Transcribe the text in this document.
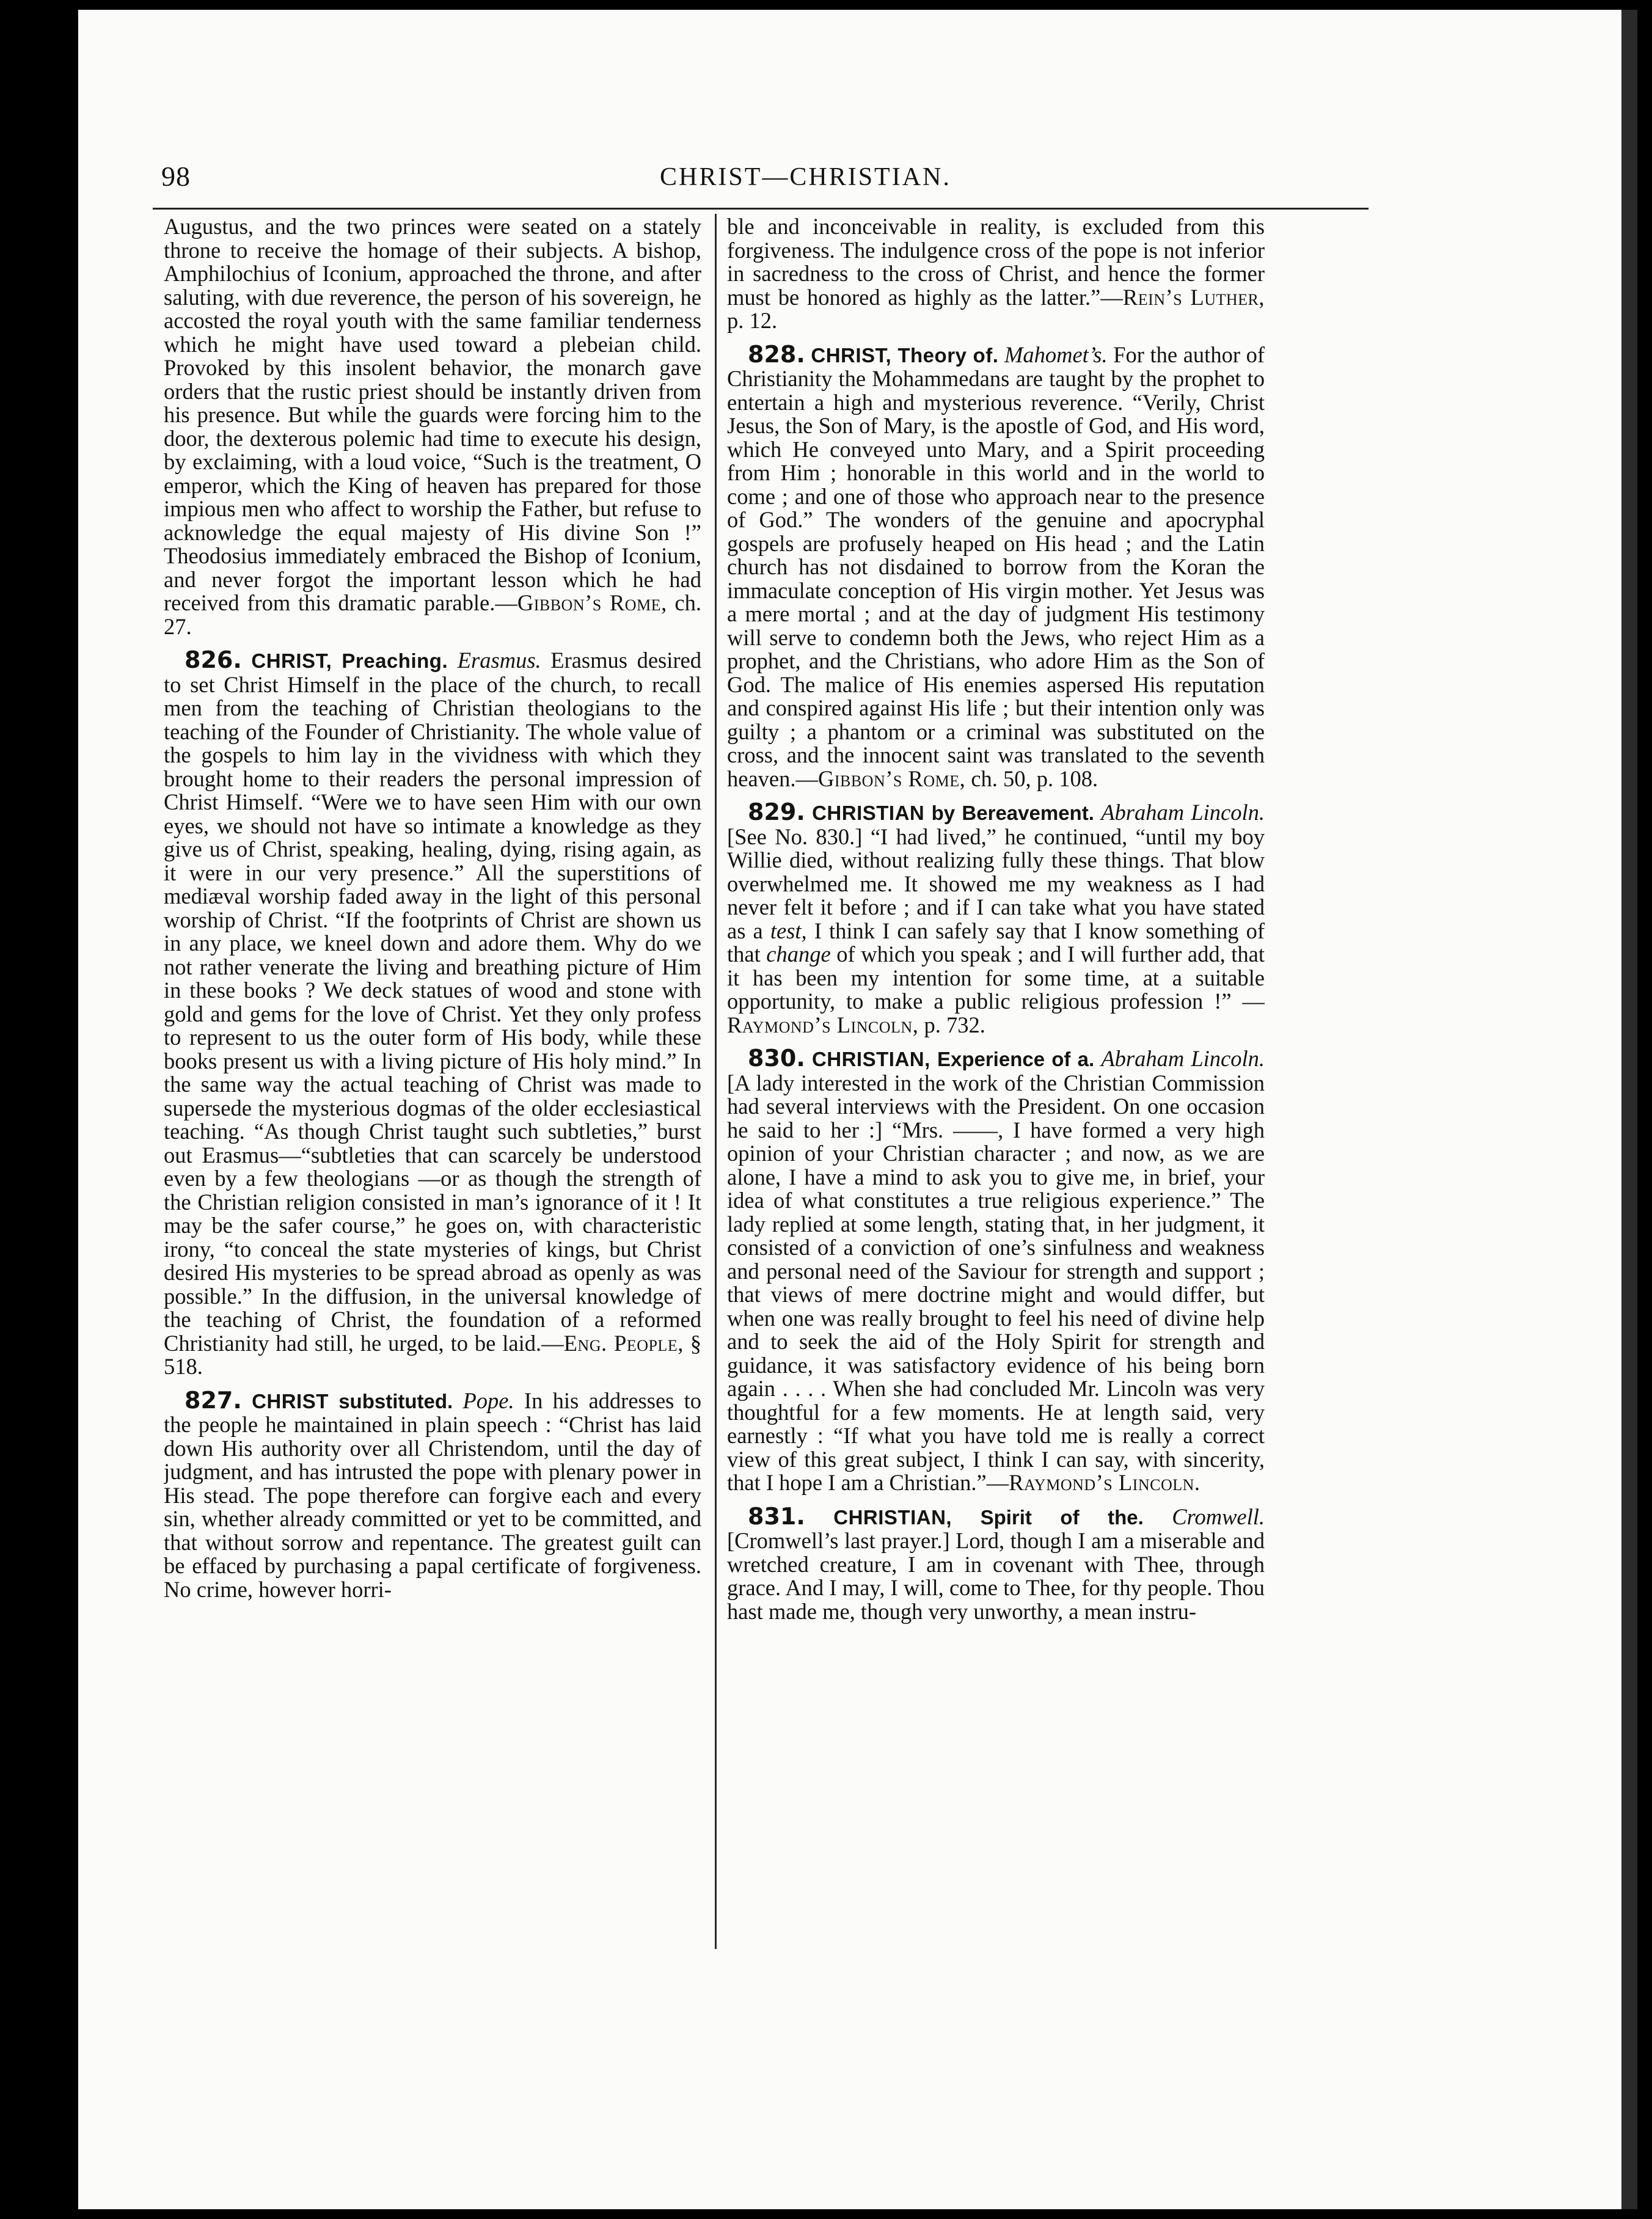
98	CHRIST—CHRISTIAN.

Augustus, and the two princes were seated on a stately throne to receive the homage of their subjects. A bishop, Amphilochius of Iconium, approached the throne, and after saluting, with due reverence, the person of his sovereign, he accosted the royal youth with the same familiar tenderness which he might have used toward a plebeian child. Provoked by this insolent behavior, the monarch gave orders that the rustic priest should be instantly driven from his presence. But while the guards were forcing him to the door, the dexterous polemic had time to execute his design, by exclaiming, with a loud voice, “Such is the treatment, O emperor, which the King of heaven has prepared for those impious men who affect to worship the Father, but refuse to acknowledge the equal majesty of His divine Son !” Theodosius immediately embraced the Bishop of Iconium, and never forgot the important lesson which he had received from this dramatic parable.—Gibbon’s Rome, ch. 27.

826. CHRIST, Preaching. Erasmus. Erasmus desired to set Christ Himself in the place of the church, to recall men from the teaching of Christian theologians to the teaching of the Founder of Christianity. The whole value of the gospels to him lay in the vividness with which they brought home to their readers the personal impression of Christ Himself. “Were we to have seen Him with our own eyes, we should not have so intimate a knowledge as they give us of Christ, speaking, healing, dying, rising again, as it were in our very presence.” All the superstitions of mediæval worship faded away in the light of this personal worship of Christ. “If the footprints of Christ are shown us in any place, we kneel down and adore them. Why do we not rather venerate the living and breathing picture of Him in these books ? We deck statues of wood and stone with gold and gems for the love of Christ. Yet they only profess to represent to us the outer form of His body, while these books present us with a living picture of His holy mind.” In the same way the actual teaching of Christ was made to supersede the mysterious dogmas of the older ecclesiastical teaching. “As though Christ taught such subtleties,” burst out Erasmus—“subtleties that can scarcely be understood even by a few theologians —or as though the strength of the Christian religion consisted in man’s ignorance of it ! It may be the safer course,” he goes on, with characteristic irony, “to conceal the state mysteries of kings, but Christ desired His mysteries to be spread abroad as openly as was possible.” In the diffusion, in the universal knowledge of the teaching of Christ, the foundation of a reformed Christianity had still, he urged, to be laid.—Eng. People, § 518.

827. CHRIST substituted. Pope. In his addresses to the people he maintained in plain speech : “Christ has laid down His authority over all Christendom, until the day of judgment, and has intrusted the pope with plenary power in His stead. The pope therefore can forgive each and every sin, whether already committed or yet to be committed, and that without sorrow and repentance. The greatest guilt can be effaced by purchasing a papal certificate of forgiveness. No crime, however horri-

ble and inconceivable in reality, is excluded from this forgiveness. The indulgence cross of the pope is not inferior in sacredness to the cross of Christ, and hence the former must be honored as highly as the latter.”—Rein’s Luther, p. 12.

828. CHRIST, Theory of. Mahomet’s. For the author of Christianity the Mohammedans are taught by the prophet to entertain a high and mysterious reverence. “Verily, Christ Jesus, the Son of Mary, is the apostle of God, and His word, which He conveyed unto Mary, and a Spirit proceeding from Him ; honorable in this world and in the world to come ; and one of those who approach near to the presence of God.” The wonders of the genuine and apocryphal gospels are profusely heaped on His head ; and the Latin church has not disdained to borrow from the Koran the immaculate conception of His virgin mother. Yet Jesus was a mere mortal ; and at the day of judgment His testimony will serve to condemn both the Jews, who reject Him as a prophet, and the Christians, who adore Him as the Son of God. The malice of His enemies aspersed His reputation and conspired against His life ; but their intention only was guilty ; a phantom or a criminal was substituted on the cross, and the innocent saint was translated to the seventh heaven.—Gibbon’s Rome, ch. 50, p. 108.

829. CHRISTIAN by Bereavement. Abraham Lincoln. [See No. 830.] “I had lived,” he continued, “until my boy Willie died, without realizing fully these things. That blow overwhelmed me. It showed me my weakness as I had never felt it before ; and if I can take what you have stated as a test, I think I can safely say that I know something of that change of which you speak ; and I will further add, that it has been my intention for some time, at a suitable opportunity, to make a public religious profession !” —Raymond’s Lincoln, p. 732.

830. CHRISTIAN, Experience of a. Abraham Lincoln. [A lady interested in the work of the Christian Commission had several interviews with the President. On one occasion he said to her :] “Mrs. ——, I have formed a very high opinion of your Christian character ; and now, as we are alone, I have a mind to ask you to give me, in brief, your idea of what constitutes a true religious experience.” The lady replied at some length, stating that, in her judgment, it consisted of a conviction of one’s sinfulness and weakness and personal need of the Saviour for strength and support ; that views of mere doctrine might and would differ, but when one was really brought to feel his need of divine help and to seek the aid of the Holy Spirit for strength and guidance, it was satisfactory evidence of his being born again . . . . When she had concluded Mr. Lincoln was very thoughtful for a few moments. He at length said, very earnestly : “If what you have told me is really a correct view of this great subject, I think I can say, with sincerity, that I hope I am a Christian.”—Raymond’s Lincoln.

831. CHRISTIAN, Spirit of the. Cromwell. [Cromwell’s last prayer.] Lord, though I am a miserable and wretched creature, I am in covenant with Thee, through grace. And I may, I will, come to Thee, for thy people. Thou hast made me, though very unworthy, a mean instru-
